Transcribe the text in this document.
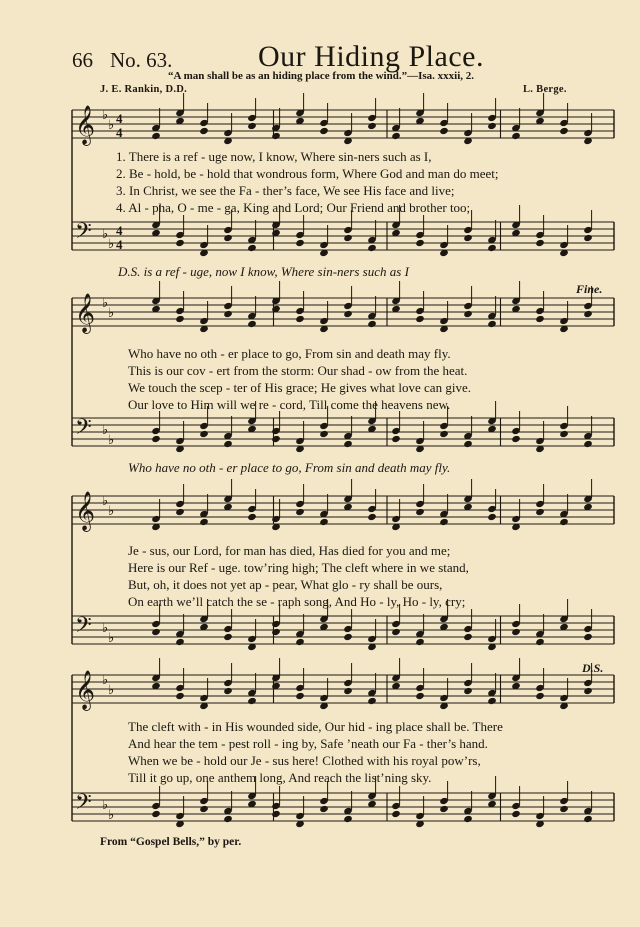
66 No. 63.	Our Hiding Place.
“A man shall be as an hiding place from the wind.”—Isa. xxxii, 2.
J. E. Rankin, D.D.	L. Berge.
𝄞
𝄢
♭
♭
♭
♭
4
4
4
4
𝄞
𝄢
♭
♭
♭
♭
𝄞
𝄢
♭
♭
♭
♭
𝄞
𝄢
♭
♭
♭
♭
1. There is a ref - uge now, I know, Where sin-ners such as I,
2. Be - hold, be - hold that wondrous form, Where God and man do meet;
3. In Christ, we see the Fa - ther’s face, We see His face and live;
4. Al - pha, O - me - ga, King and Lord; Our Friend and brother too;
D.S. is a ref - uge, now I know, Where sin-ners such as I
Fine.
Who have no oth - er place to go, From sin and death may fly.
This is our cov - ert from the storm: Our shad - ow from the heat.
We touch the scep - ter of His grace; He gives what love can give.
Our love to Him will we re - cord, Till come the heavens new.
Who have no oth - er place to go, From sin and death may fly.
Je - sus, our Lord, for man has died, Has died for you and me;
Here is our Ref - uge. tow’ring high; The cleft where in we stand,
But, oh, it does not yet ap - pear, What glo - ry shall be ours,
On earth we’ll catch the se - raph song, And Ho - ly, Ho - ly, cry;
D.S.
The cleft with - in His wounded side, Our hid - ing place shall be. There
And hear the tem - pest roll - ing by, Safe ’neath our Fa - ther’s hand.
When we be - hold our Je - sus here! Clothed with his royal pow’rs,
Till it go up, one anthem long, And reach the list’ning sky.
From “Gospel Bells,” by per.
